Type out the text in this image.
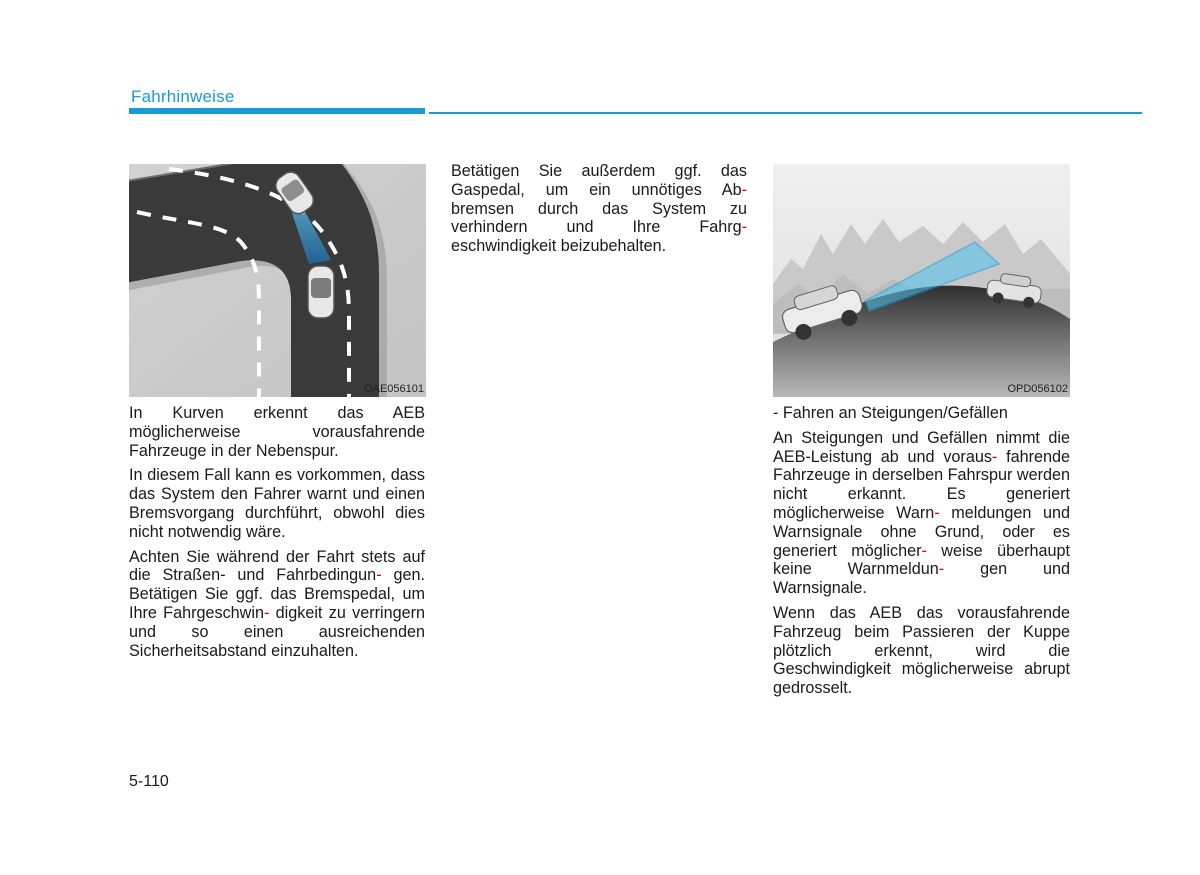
Fahrhinweise
OAE056101	OPD056102

In Kurven erkennt das AEB möglicherweise vorausfahrende Fahrzeuge in der Nebenspur.

In diesem Fall kann es vorkommen, dass das System den Fahrer warnt und einen Bremsvorgang durchführt, obwohl dies nicht notwendig wäre.

Achten Sie während der Fahrt stets auf die Straßen- und Fahrbedingun- gen. Betätigen Sie ggf. das Bremspedal, um Ihre Fahrgeschwin- digkeit zu verringern und so einen ausreichenden Sicherheitsabstand einzuhalten.

Betätigen Sie außerdem ggf. das Gaspedal, um ein unnötiges Ab- bremsen durch das System zu verhindern und Ihre Fahrg- eschwindigkeit beizubehalten.

- Fahren an Steigungen/Gefällen

An Steigungen und Gefällen nimmt die AEB-Leistung ab und voraus- fahrende Fahrzeuge in derselben Fahrspur werden nicht erkannt. Es generiert möglicherweise Warn- meldungen und Warnsignale ohne Grund, oder es generiert möglicher- weise überhaupt keine Warnmeldun- gen und Warnsignale.

Wenn das AEB das vorausfahrende Fahrzeug beim Passieren der Kuppe plötzlich erkennt, wird die Geschwindigkeit möglicherweise abrupt gedrosselt.

5-110
